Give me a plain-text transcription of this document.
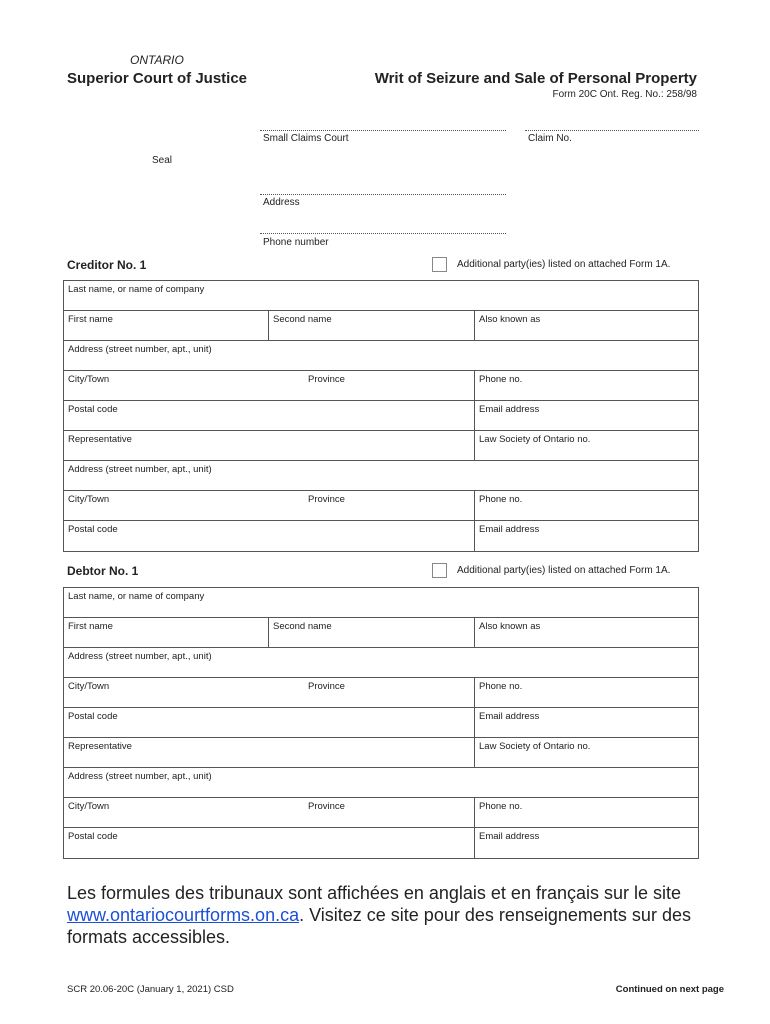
ONTARIO
Superior Court of Justice	Writ of Seizure and Sale of Personal Property
Form 20C Ont. Reg. No.: 258/98
Seal
Small Claims Court	Claim No.
Address
Phone number
Creditor No. 1	Additional party(ies) listed on attached Form 1A.
Last name, or name of company
First name	Second name	Also known as
Address (street number, apt., unit)
City/Town	Province	Phone no.
Postal code	Email address
Representative	Law Society of Ontario no.
Address (street number, apt., unit)
City/Town	Province	Phone no.
Postal code	Email address
Debtor No. 1	Additional party(ies) listed on attached Form 1A.
Last name, or name of company
First name	Second name	Also known as
Address (street number, apt., unit)
City/Town	Province	Phone no.
Postal code	Email address
Representative	Law Society of Ontario no.
Address (street number, apt., unit)
City/Town	Province	Phone no.
Postal code	Email address
Les formules des tribunaux sont affichées en anglais et en français sur le site www.ontariocourtforms.on.ca. Visitez ce site pour des renseignements sur des formats accessibles.
SCR 20.06-20C (January 1, 2021) CSD	Continued on next page
